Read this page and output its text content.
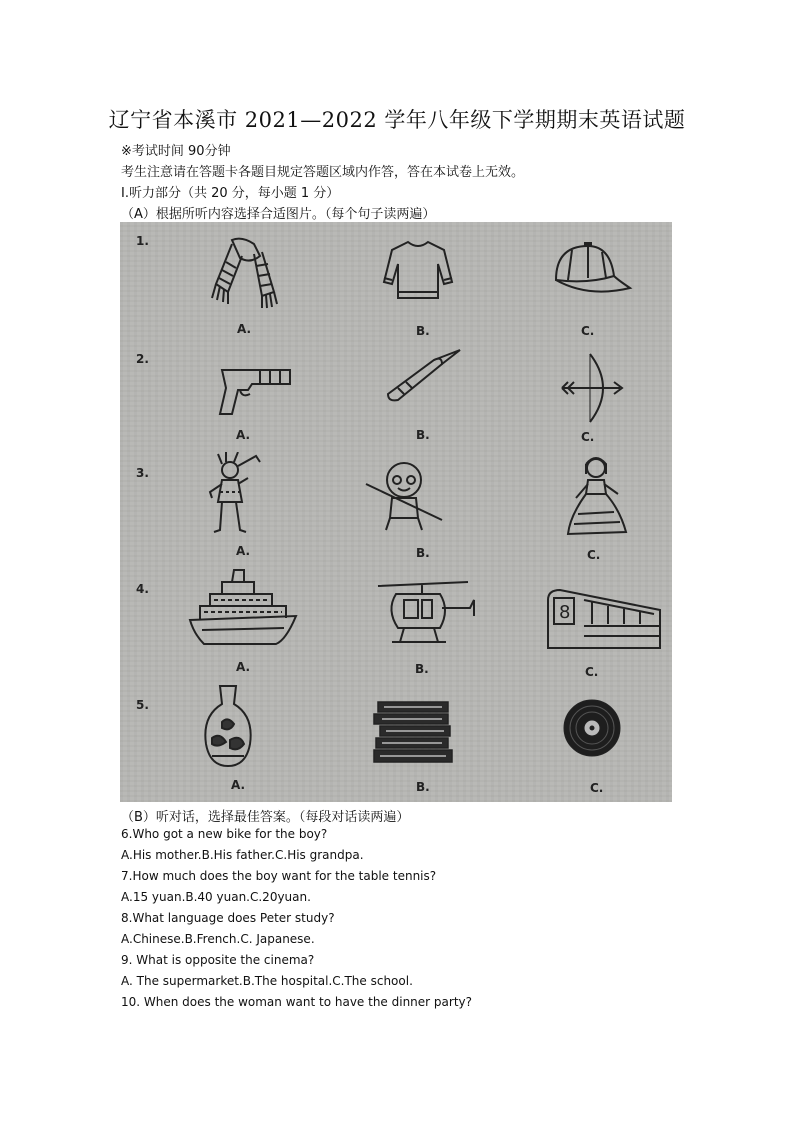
辽宁省本溪市 2021—2022 学年八年级下学期期末英语试题
※考试时间 90分钟
考生注意请在答题卡各题目规定答题区域内作答，答在本试卷上无效。
Ⅰ.听力部分（共 20 分，每小题 1 分）
（A）根据所听内容选择合适图片。（每个句子读两遍）
1.
A.	B.	C.
2.
A.	B.	C.
3.
A.	B.	C.
4.
A.	B.
8
C.
5.
A.	B.	C.
（B）听对话，选择最佳答案。（每段对话读两遍）
6.Who got a new bike for the boy?
A.His mother.B.His father.C.His grandpa.
7.How much does the boy want for the table tennis?
A.15 yuan.B.40 yuan.C.20yuan.
8.What language does Peter study?
A.Chinese.B.French.C. Japanese.
9. What is opposite the cinema?
A. The supermarket.B.The hospital.C.The school.
10. When does the woman want to have the dinner party?
